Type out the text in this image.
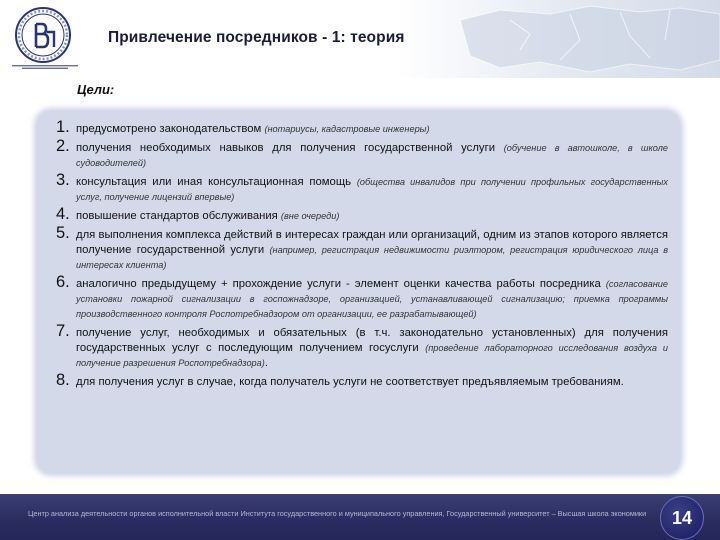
Привлечение посредников - 1: теория
Цели:
1. предусмотрено законодательством (нотариусы, кадастровые инженеры)
2. получения необходимых навыков для получения государственной услуги (обучение в автошколе, в школе судоводителей)
3. консультация или иная консультационная помощь (общества инвалидов при получении профильных государственных услуг, получение лицензий впервые)
4. повышение стандартов обслуживания (вне очереди)
5. для выполнения комплекса действий в интересах граждан или организаций, одним из этапов которого является получение государственной услуги (например, регистрация недвижимости риэлтором, регистрация юридического лица в интересах клиента)
6. аналогично предыдущему + прохождение услуги - элемент оценки качества работы посредника (согласование установки пожарной сигнализации в госпожнадзоре, организацией, устанавливающей сигнализацию; приемка программы производственного контроля Роспотребнадзором от организации, ее разрабатывающей)
7. получение услуг, необходимых и обязательных (в т.ч. законодательно установленных) для получения государственных услуг с последующим получением госуслуги (проведение лабораторного исследования воздуха и получение разрешения Роспотребнадзора).
8. для получения услуг в случае, когда получатель услуги не соответствует предъявляемым требованиям.
Центр анализа деятельности органов исполнительной власти Института государственного и муниципального управления, Государственный университет – Высшая школа экономики	14
